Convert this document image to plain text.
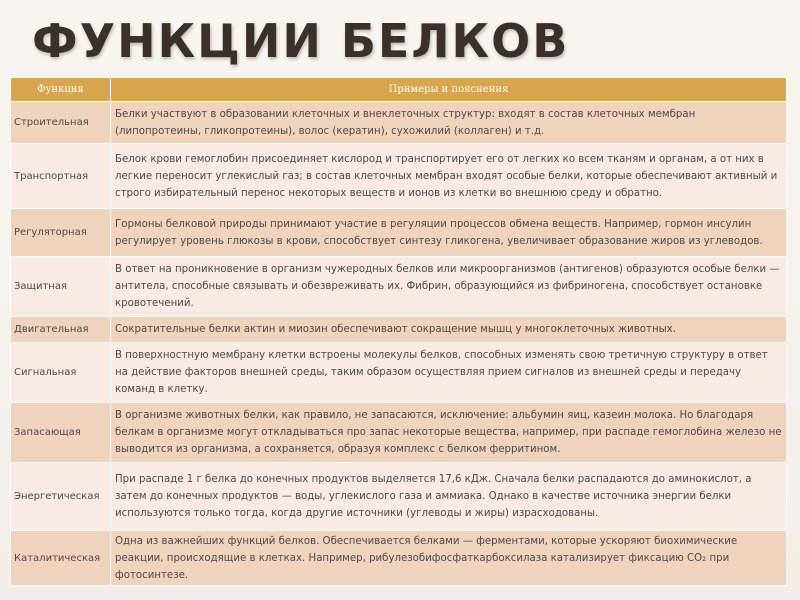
ФУНКЦИИ БЕЛКОВ
Функция	Примеры и пояснения
Строительная	Белки участвуют в образовании клеточных и внеклеточных структур: входят в состав клеточных мембран (липопротеины, гликопротеины), волос (кератин), сухожилий (коллаген) и т.д.
Транспортная	Белок крови гемоглобин присоединяет кислород и транспортирует его от легких ко всем тканям и органам, а от них в легкие переносит углекислый газ; в состав клеточных мембран входят особые белки, которые обеспечивают активный и строго избирательный перенос некоторых веществ и ионов из клетки во внешнюю среду и обратно.
Регуляторная	Гормоны белковой природы принимают участие в регуляции процессов обмена веществ. Например, гормон инсулин регулирует уровень глюкозы в крови, способствует синтезу гликогена, увеличивает образование жиров из углеводов.
Защитная	В ответ на проникновение в организм чужеродных белков или микроорганизмов (антигенов) образуются особые белки — антитела, способные связывать и обезвреживать их. Фибрин, образующийся из фибриногена, способствует остановке кровотечений.
Двигательная	Сократительные белки актин и миозин обеспечивают сокращение мышц у многоклеточных животных.
Сигнальная	В поверхностную мембрану клетки встроены молекулы белков, способных изменять свою третичную структуру в ответ на действие факторов внешней среды, таким образом осуществляя прием сигналов из внешней среды и передачу команд в клетку.
Запасающая	В организме животных белки, как правило, не запасаются, исключение: альбумин яиц, казеин молока. Но благодаря белкам в организме могут откладываться про запас некоторые вещества, например, при распаде гемоглобина железо не выводится из организма, а сохраняется, образуя комплекс с белком ферритином.
Энергетическая	При распаде 1 г белка до конечных продуктов выделяется 17,6 кДж. Сначала белки распадаются до аминокислот, а затем до конечных продуктов — воды, углекислого газа и аммиака. Однако в качестве источника энергии белки используются только тогда, когда другие источники (углеводы и жиры) израсходованы.
Каталитическая	Одна из важнейших функций белков. Обеспечивается белками — ферментами, которые ускоряют биохимические реакции, происходящие в клетках. Например, рибулезобифосфаткарбоксилаза катализирует фиксацию CO₂ при фотосинтезе.
